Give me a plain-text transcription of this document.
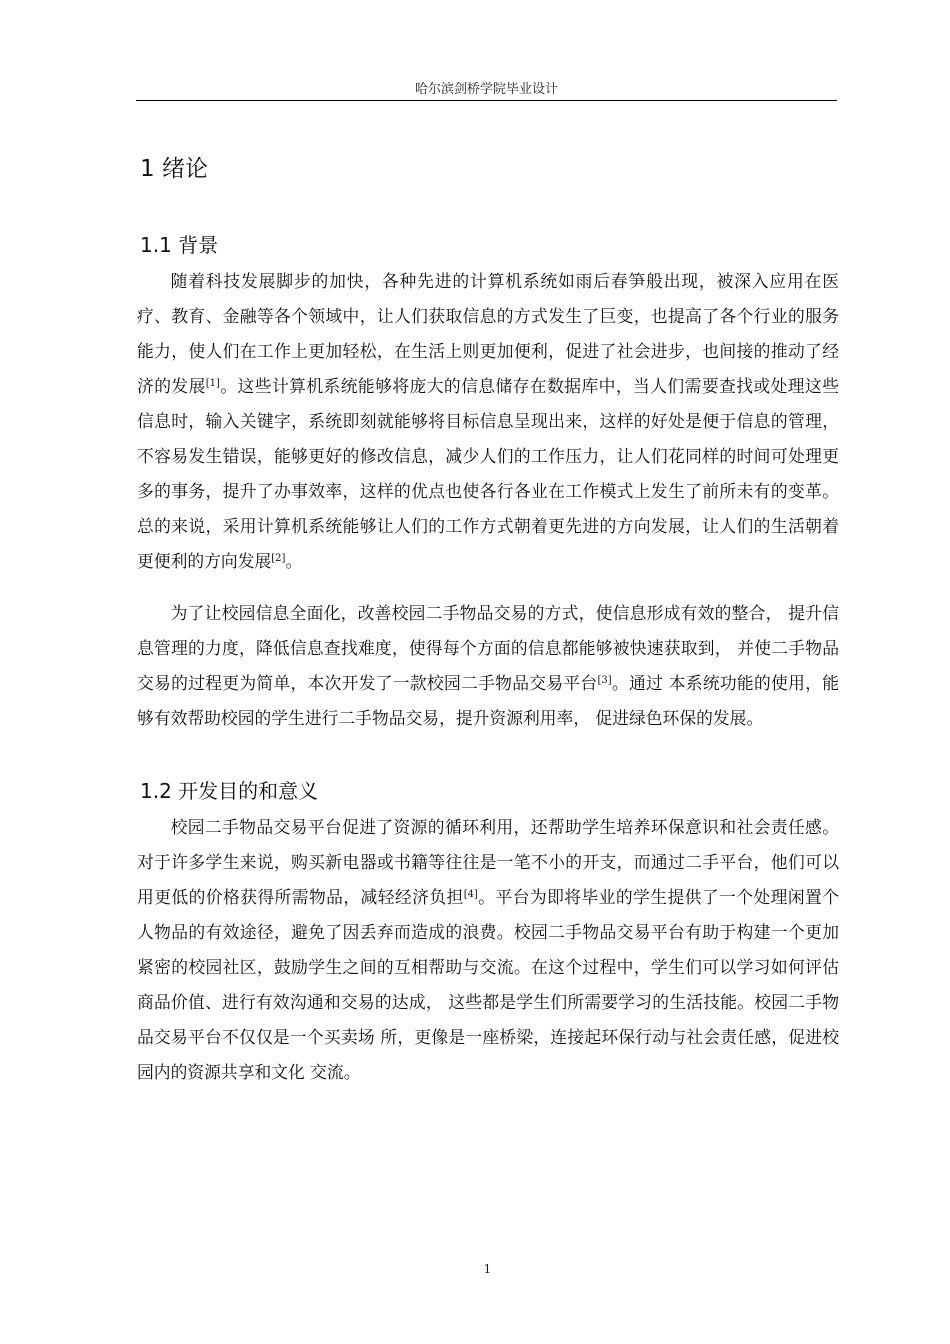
哈尔滨剑桥学院毕业设计
1 绪论
1.1 背景

随着科技发展脚步的加快，各种先进的计算机系统如雨后春笋般出现，被深入应用在医疗、教育、金融等各个领域中，让人们获取信息的方式发生了巨变，也提高了各个行业的服务能力，使人们在工作上更加轻松，在生活上则更加便利，促进了社会进步，也间接的推动了经济的发展[1]。这些计算机系统能够将庞大的信息储存在数据库中，当人们需要查找或处理这些信息时，输入关键字，系统即刻就能够将目标信息呈现出来，这样的好处是便于信息的管理，不容易发生错误，能够更好的修改信息，减少人们的工作压力，让人们花同样的时间可处理更多的事务，提升了办事效率，这样的优点也使各行各业在工作模式上发生了前所未有的变革。总的来说，采用计算机系统能够让人们的工作方式朝着更先进的方向发展，让人们的生活朝着更便利的方向发展[2]。

为了让校园信息全面化，改善校园二手物品交易的方式，使信息形成有效的整合， 提升信息管理的力度，降低信息查找难度，使得每个方面的信息都能够被快速获取到， 并使二手物品交易的过程更为简单，本次开发了一款校园二手物品交易平台[3]。通过 本系统功能的使用，能够有效帮助校园的学生进行二手物品交易，提升资源利用率， 促进绿色环保的发展。

1.2 开发目的和意义

校园二手物品交易平台促进了资源的循环利用，还帮助学生培养环保意识和社会责任感。对于许多学生来说，购买新电器或书籍等往往是一笔不小的开支，而通过二手平台，他们可以用更低的价格获得所需物品，减轻经济负担[4]。平台为即将毕业的学生提供了一个处理闲置个人物品的有效途径，避免了因丢弃而造成的浪费。校园二手物品交易平台有助于构建一个更加紧密的校园社区，鼓励学生之间的互相帮助与交流。在这个过程中，学生们可以学习如何评估商品价值、进行有效沟通和交易的达成， 这些都是学生们所需要学习的生活技能。校园二手物品交易平台不仅仅是一个买卖场 所，更像是一座桥梁，连接起环保行动与社会责任感，促进校园内的资源共享和文化 交流。

1
